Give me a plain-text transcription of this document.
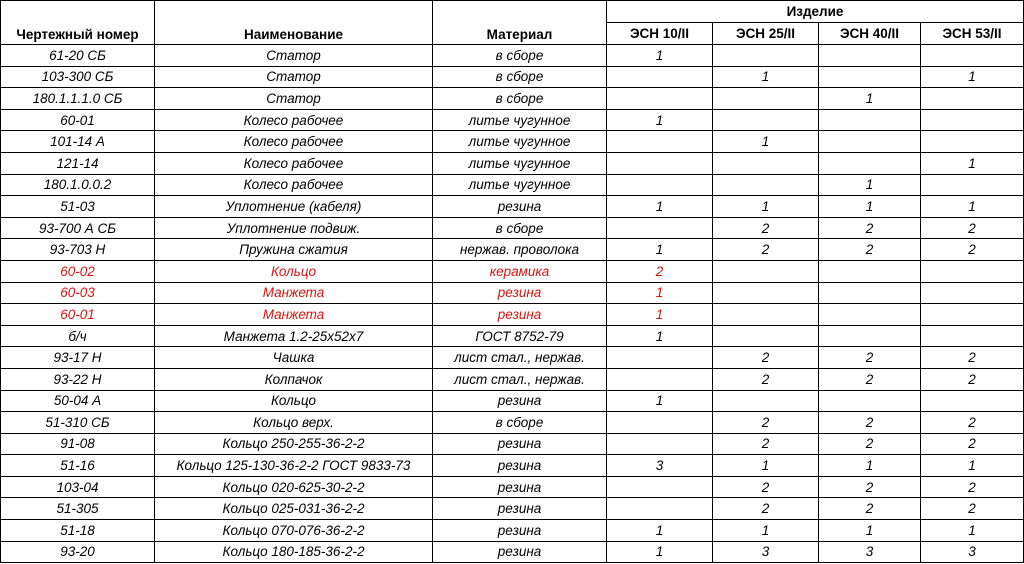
Чертежный номер	Наименование	Материал	Изделие			
			ЭСН 10/II	ЭСН 25/II	ЭСН 40/II	ЭСН 53/II
61-20 СБ	Статор	в сборе	1			
103-300 СБ	Статор	в сборе		1		1
180.1.1.1.0 СБ	Статор	в сборе			1	
60-01	Колесо рабочее	литье чугунное	1			
101-14 А	Колесо рабочее	литье чугунное		1		
121-14	Колесо рабочее	литье чугунное				1
180.1.0.0.2	Колесо рабочее	литье чугунное			1	
51-03	Уплотнение (кабеля)	резина	1	1	1	1
93-700 А СБ	Уплотнение подвиж.	в сборе		2	2	2
93-703 Н	Пружина сжатия	нержав. проволока	1	2	2	2
60-02	Кольцо	керамика	2			
60-03	Манжета	резина	1			
60-01	Манжета	резина	1			
б/ч	Манжета 1.2-25x52x7	ГОСТ 8752-79	1			
93-17 Н	Чашка	лист стал., нержав.		2	2	2
93-22 Н	Колпачок	лист стал., нержав.		2	2	2
50-04 А	Кольцо	резина	1			
51-310 СБ	Кольцо верх.	в сборе		2	2	2
91-08	Кольцо 250-255-36-2-2	резина		2	2	2
51-16	Кольцо 125-130-36-2-2 ГОСТ 9833-73	резина	3	1	1	1
103-04	Кольцо 020-625-30-2-2	резина		2	2	2
51-305	Кольцо 025-031-36-2-2	резина		2	2	2
51-18	Кольцо 070-076-36-2-2	резина	1	1	1	1
93-20	Кольцо 180-185-36-2-2	резина	1	3	3	3
